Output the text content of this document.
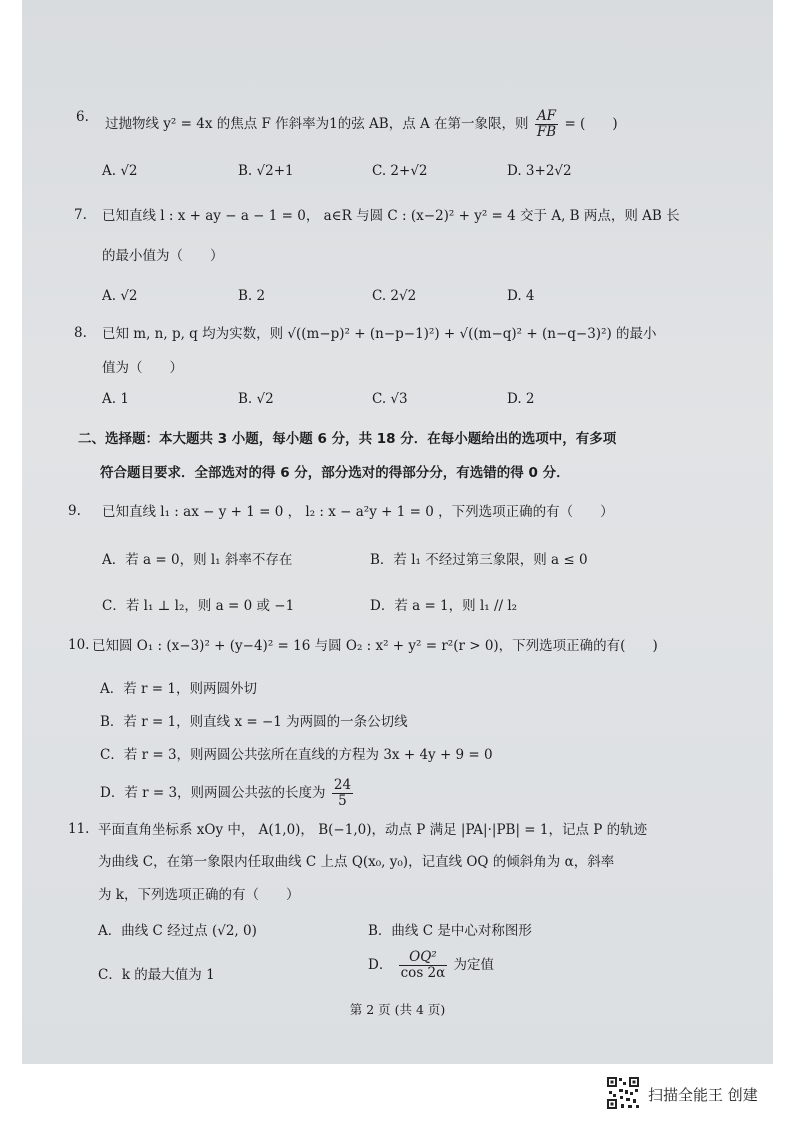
6. 过抛物线 y² = 4x 的焦点 F 作斜率为1的弦 AB，点 A 在第一象限，则 $\frac{AF}{FB}$ = (　　)
A. √2	B. √2+1	C. 2+√2	D. 3+2√2
7. 已知直线 l : x + ay − a − 1 = 0， a∈R 与圆 C : (x−2)² + y² = 4 交于 A, B 两点，则 AB 长
的最小值为（　　）
A. √2	B. 2	C. 2√2	D. 4
8. 已知 m, n, p, q 均为实数，则 √((m−p)² + (n−p−1)²) + √((m−q)² + (n−q−3)²) 的最小
值为（　　）
A. 1	B. √2	C. √3	D. 2
二、选择题：本大题共 3 小题，每小题 6 分，共 18 分．在每小题给出的选项中，有多项
符合题目要求．全部选对的得 6 分，部分选对的得部分分，有选错的得 0 分．
9. 已知直线 l₁ : ax − y + 1 = 0 ， l₂ : x − a²y + 1 = 0 ，下列选项正确的有（　　）
A．若 a = 0，则 l₁ 斜率不存在	B．若 l₁ 不经过第三象限，则 a ≤ 0
C．若 l₁ ⊥ l₂，则 a = 0 或 −1	D．若 a = 1，则 l₁ // l₂
10. 已知圆 O₁ : (x−3)² + (y−4)² = 16 与圆 O₂ : x² + y² = r²(r > 0)，下列选项正确的有(　　)
A．若 r = 1，则两圆外切
B．若 r = 1，则直线 x = −1 为两圆的一条公切线
C．若 r = 3，则两圆公共弦所在直线的方程为 3x + 4y + 9 = 0
D．若 r = 3，则两圆公共弦的长度为 $\frac{24}{5}$
11. 平面直角坐标系 xOy 中， A(1,0)， B(−1,0)，动点 P 满足 |PA|·|PB| = 1，记点 P 的轨迹
为曲线 C，在第一象限内任取曲线 C 上点 Q(x₀, y₀)，记直线 OQ 的倾斜角为 α，斜率
为 k，下列选项正确的有（　　）
A．曲线 C 经过点 (√2, 0)	B．曲线 C 是中心对称图形
C．k 的最大值为 1
D． $\frac{\text{OQ²}}{\cos 2\alpha}$ 为定值
第 2 页 (共 4 页)
扫描全能王 创建
